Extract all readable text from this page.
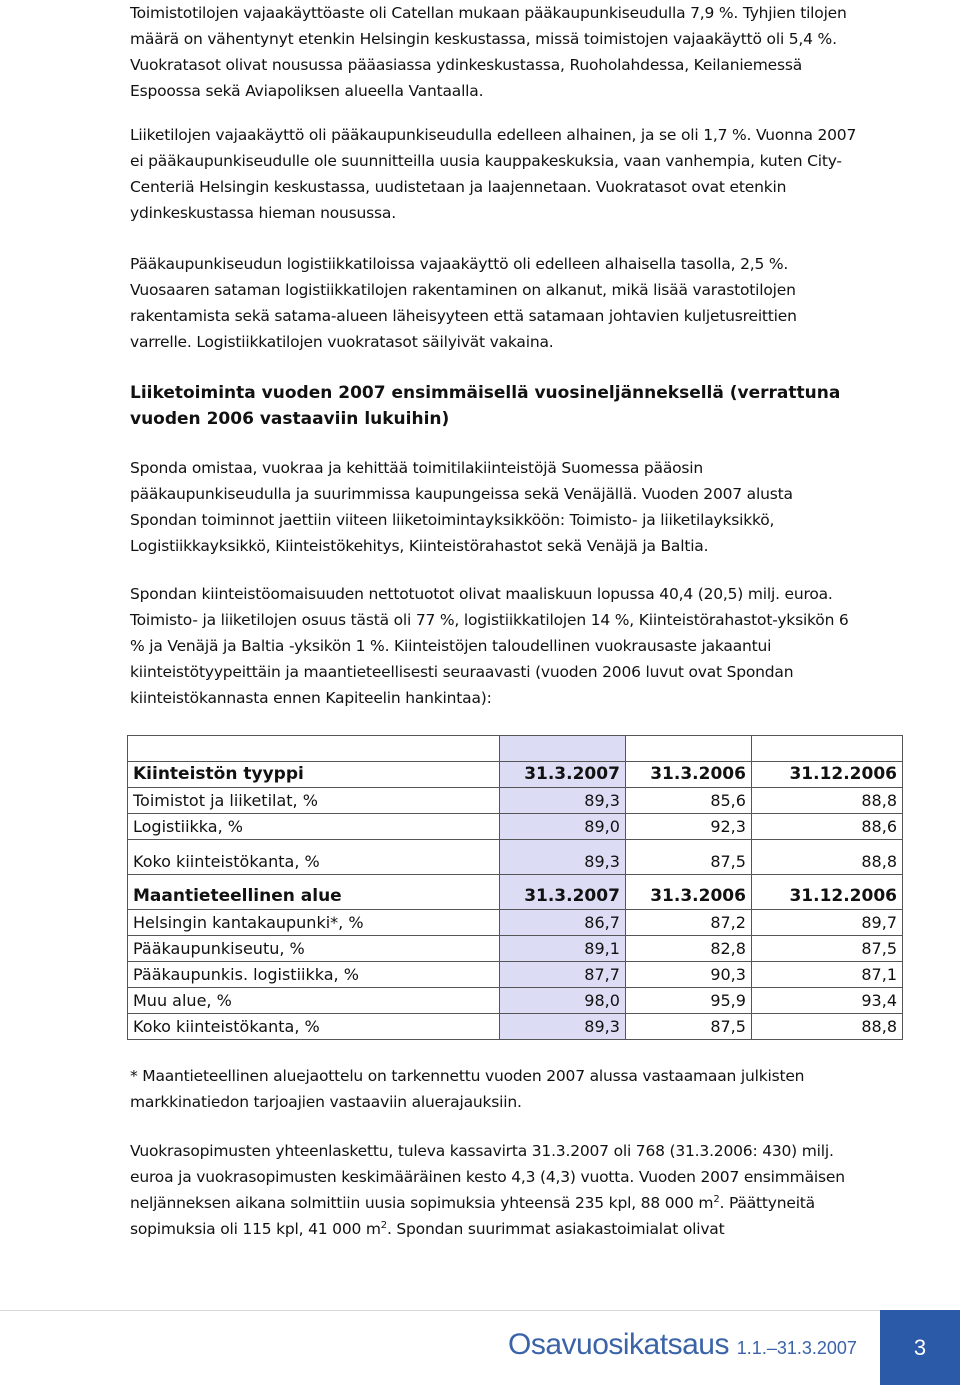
Toimistotilojen vajaakäyttöaste oli Catellan mukaan pääkaupunkiseudulla 7,9 %. Tyhjien tilojen määrä on vähentynyt etenkin Helsingin keskustassa, missä toimistojen vajaakäyttö oli 5,4 %. Vuokratasot olivat nousussa pääasiassa ydinkeskustassa, Ruoholahdessa, Keilaniemessä Espoossa sekä Aviapoliksen alueella Vantaalla.

Liiketilojen vajaakäyttö oli pääkaupunkiseudulla edelleen alhainen, ja se oli 1,7 %. Vuonna 2007 ei pääkaupunkiseudulle ole suunnitteilla uusia kauppakeskuksia, vaan vanhempia, kuten City-Centeriä Helsingin keskustassa, uudistetaan ja laajennetaan. Vuokratasot ovat etenkin ydinkeskustassa hieman nousussa.

Pääkaupunkiseudun logistiikkatiloissa vajaakäyttö oli edelleen alhaisella tasolla, 2,5 %. Vuosaaren sataman logistiikkatilojen rakentaminen on alkanut, mikä lisää varastotilojen rakentamista sekä satama-alueen läheisyyteen että satamaan johtavien kuljetusreittien varrelle. Logistiikkatilojen vuokratasot säilyivät vakaina.

Liiketoiminta vuoden 2007 ensimmäisellä vuosineljänneksellä (verrattuna vuoden 2006 vastaaviin lukuihin)

Sponda omistaa, vuokraa ja kehittää toimitilakiinteistöjä Suomessa pääosin pääkaupunkiseudulla ja suurimmissa kaupungeissa sekä Venäjällä. Vuoden 2007 alusta Spondan toiminnot jaettiin viiteen liiketoimintayksikköön: Toimisto- ja liiketilayksikkö, Logistiikkayksikkö, Kiinteistökehitys, Kiinteistörahastot sekä Venäjä ja Baltia.

Spondan kiinteistöomaisuuden nettotuotot olivat maaliskuun lopussa 40,4 (20,5) milj. euroa. Toimisto- ja liiketilojen osuus tästä oli 77 %, logistiikkatilojen 14 %, Kiinteistörahastot-yksikön 6 % ja Venäjä ja Baltia -yksikön 1 %. Kiinteistöjen taloudellinen vuokrausaste jakaantui kiinteistötyypeittäin ja maantieteellisesti seuraavasti (vuoden 2006 luvut ovat Spondan kiinteistökannasta ennen Kapiteelin hankintaa):

Kiinteistön tyyppi	31.3.2007	31.3.2006	31.12.2006
Toimistot ja liiketilat, %	89,3	85,6	88,8
Logistiikka, %	89,0	92,3	88,6
Koko kiinteistökanta, %	89,3	87,5	88,8
Maantieteellinen alue	31.3.2007	31.3.2006	31.12.2006
Helsingin kantakaupunki*, %	86,7	87,2	89,7
Pääkaupunkiseutu, %	89,1	82,8	87,5
Pääkaupunkis. logistiikka, %	87,7	90,3	87,1
Muu alue, %	98,0	95,9	93,4
Koko kiinteistökanta, %	89,3	87,5	88,8

* Maantieteellinen aluejaottelu on tarkennettu vuoden 2007 alussa vastaamaan julkisten markkinatiedon tarjoajien vastaaviin aluerajauksiin.

Vuokrasopimusten yhteenlaskettu, tuleva kassavirta 31.3.2007 oli 768 (31.3.2006: 430) milj. euroa ja vuokrasopimusten keskimääräinen kesto 4,3 (4,3) vuotta. Vuoden 2007 ensimmäisen neljänneksen aikana solmittiin uusia sopimuksia yhteensä 235 kpl, 88 000 $m^2$. Päättyneitä sopimuksia oli 115 kpl, 41 000 $m^2$. Spondan suurimmat asiakastoimialat olivat

Osavuosikatsaus 1.1.–31.3.2007	3
